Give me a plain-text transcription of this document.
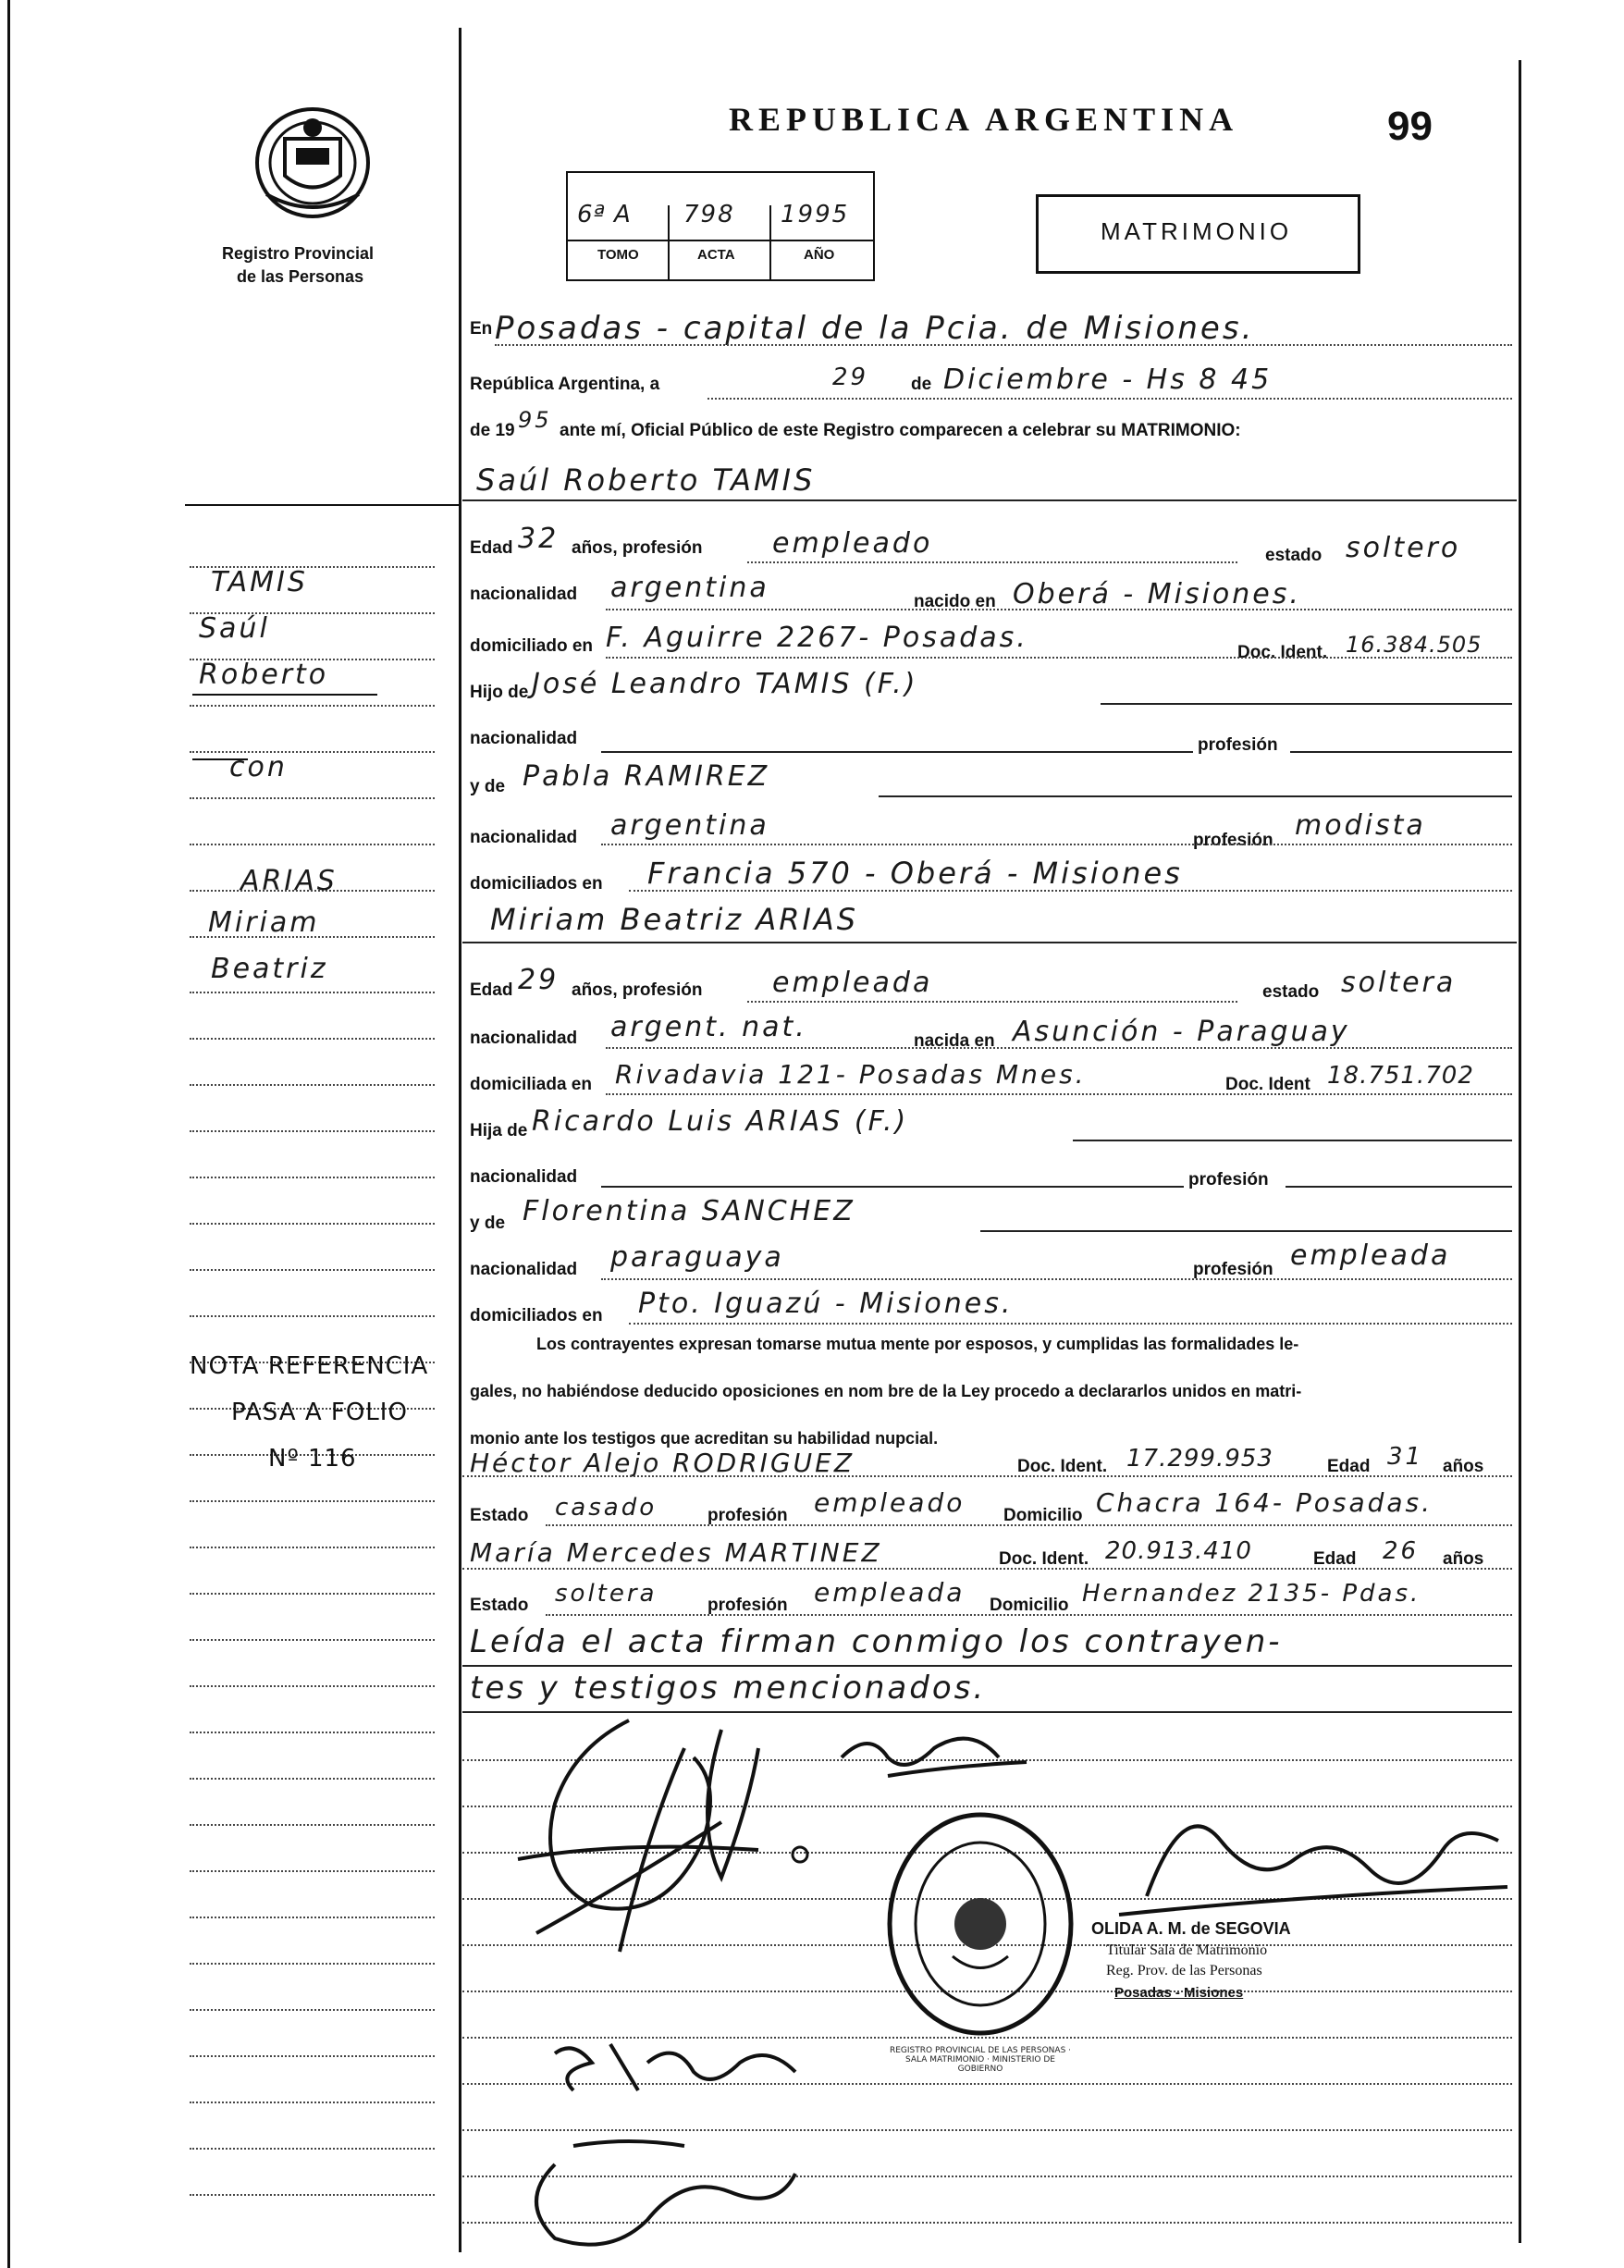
Registro Provincial
de las Personas
REPUBLICA ARGENTINA	99
6ª A 798 1995
TOMO	ACTA	AÑO
MATRIMONIO
En Posadas - capital de la Pcia. de Misiones.
República Argentina, a	29 de Diciembre - Hs 8 45
de 19 95 ante mí, Oficial Público de este Registro comparecen a celebrar su MATRIMONIO:
Saúl Roberto TAMIS
Edad 32 años, profesión	empleado	estado soltero
nacionalidad argentina	nacido en Oberá - Misiones.
domiciliado en F. Aguirre 2267- Posadas.	Doc. Ident. 16.384.505
Hijo de José Leandro TAMIS (F.)
nacionalidad	profesión
y de Pabla RAMIREZ
nacionalidad argentina	profesión modista
domiciliados en Francia 570 - Oberá - Misiones
Miriam Beatriz ARIAS
Edad 29 años, profesión	empleada	estado soltera
nacionalidad argent. nat.	nacida en Asunción - Paraguay
domiciliada en Rivadavia 121- Posadas Mnes.	Doc. Ident 18.751.702
Hija de Ricardo Luis ARIAS (F.)
nacionalidad	profesión
y de Florentina SANCHEZ
nacionalidad paraguaya	profesión empleada
domiciliados en Pto. Iguazú - Misiones.
Los contrayentes expresan tomarse mutua mente por esposos, y cumplidas las formalidades le-
gales, no habiéndose deducido oposiciones en nom bre de la Ley procedo a declararlos unidos en matri-
monio ante los testigos que acreditan su habilidad nupcial.
Héctor Alejo RODRIGUEZ	Doc. Ident. 17.299.953	Edad 31 años
Estado casado	profesión empleado Domicilio Chacra 164- Posadas.
María Mercedes MARTINEZ	Doc. Ident. 20.913.410	Edad 26 años
Estado soltera	profesión empleada Domicilio Hernandez 2135- Pdas.
Leída el acta firman conmigo los contrayen-
tes y testigos mencionados.
REGISTRO PROVINCIAL DE LAS PERSONAS · SALA MATRIMONIO · MINISTERIO DE GOBIERNO
OLIDA A. M. de SEGOVIA
Titular Sala de Matrimonio
Reg. Prov. de las Personas
Posadas - Misiones
TAMIS
Saúl
Roberto
con
ARIAS
Miriam
Beatriz
NOTA REFERENCIA
PASA A FOLIO
Nº 116
